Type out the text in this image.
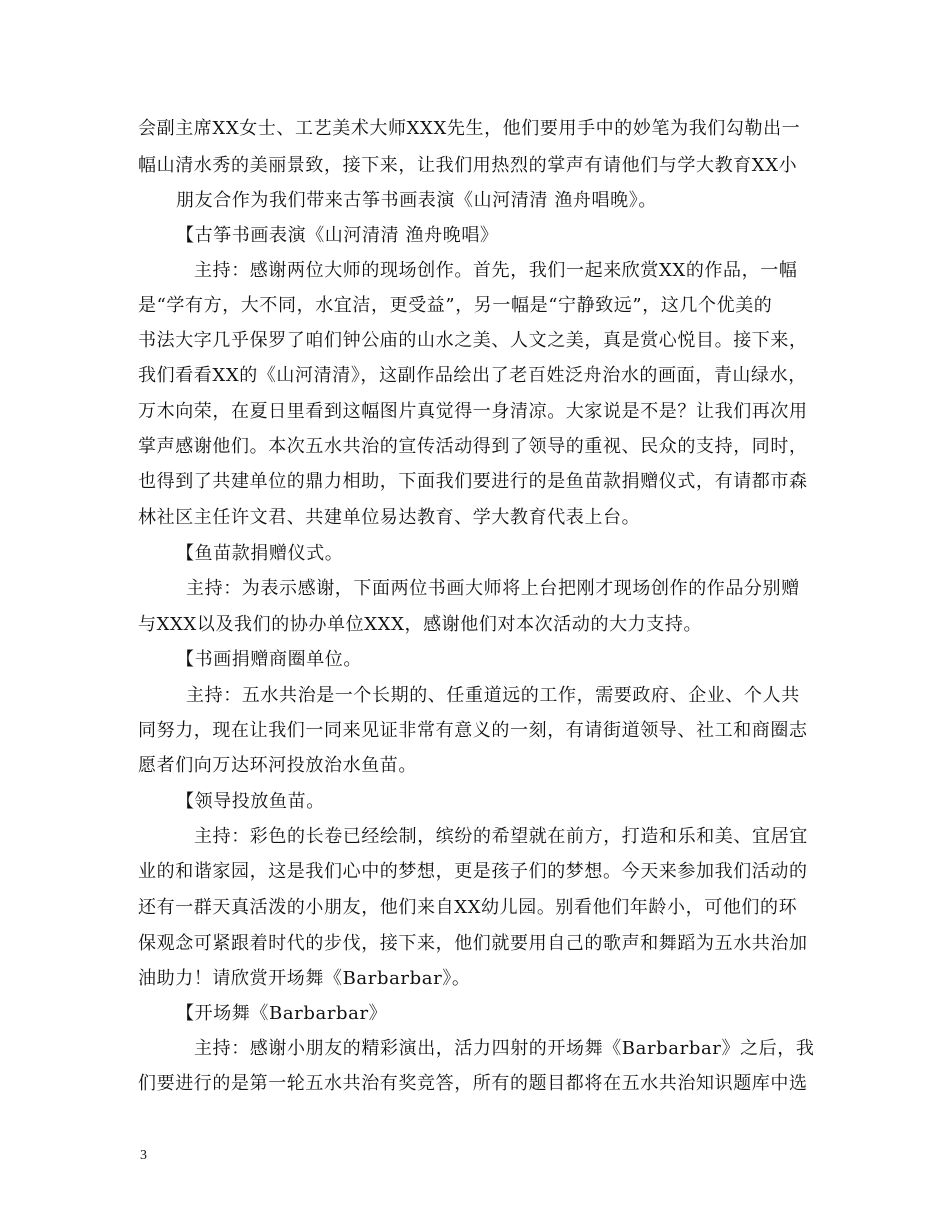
会副主席XX女士、工艺美术大师XXX先生，他们要用手中的妙笔为我们勾勒出一
幅山清水秀的美丽景致，接下来，让我们用热烈的掌声有请他们与学大教育XX小
朋友合作为我们带来古筝书画表演《山河清清 渔舟唱晚》。
【古筝书画表演《山河清清 渔舟晚唱》
主持：感谢两位大师的现场创作。首先，我们一起来欣赏XX的作品，一幅
是“学有方，大不同，水宜洁，更受益”，另一幅是“宁静致远”，这几个优美的
书法大字几乎保罗了咱们钟公庙的山水之美、人文之美，真是赏心悦目。接下来，
我们看看XX的《山河清清》，这副作品绘出了老百姓泛舟治水的画面，青山绿水，
万木向荣，在夏日里看到这幅图片真觉得一身清凉。大家说是不是？让我们再次用
掌声感谢他们。本次五水共治的宣传活动得到了领导的重视、民众的支持，同时，
也得到了共建单位的鼎力相助，下面我们要进行的是鱼苗款捐赠仪式，有请都市森
林社区主任许文君、共建单位易达教育、学大教育代表上台。
【鱼苗款捐赠仪式。
主持：为表示感谢，下面两位书画大师将上台把刚才现场创作的作品分别赠
与XXX以及我们的协办单位XXX，感谢他们对本次活动的大力支持。
【书画捐赠商圈单位。
主持：五水共治是一个长期的、任重道远的工作，需要政府、企业、个人共
同努力，现在让我们一同来见证非常有意义的一刻，有请街道领导、社工和商圈志
愿者们向万达环河投放治水鱼苗。
【领导投放鱼苗。
主持：彩色的长卷已经绘制，缤纷的希望就在前方，打造和乐和美、宜居宜
业的和谐家园，这是我们心中的梦想，更是孩子们的梦想。今天来参加我们活动的
还有一群天真活泼的小朋友，他们来自XX幼儿园。别看他们年龄小，可他们的环
保观念可紧跟着时代的步伐，接下来，他们就要用自己的歌声和舞蹈为五水共治加
油助力！请欣赏开场舞《Barbarbar》。
【开场舞《Barbarbar》
主持：感谢小朋友的精彩演出，活力四射的开场舞《Barbarbar》之后，我
们要进行的是第一轮五水共治有奖竞答，所有的题目都将在五水共治知识题库中选
3
